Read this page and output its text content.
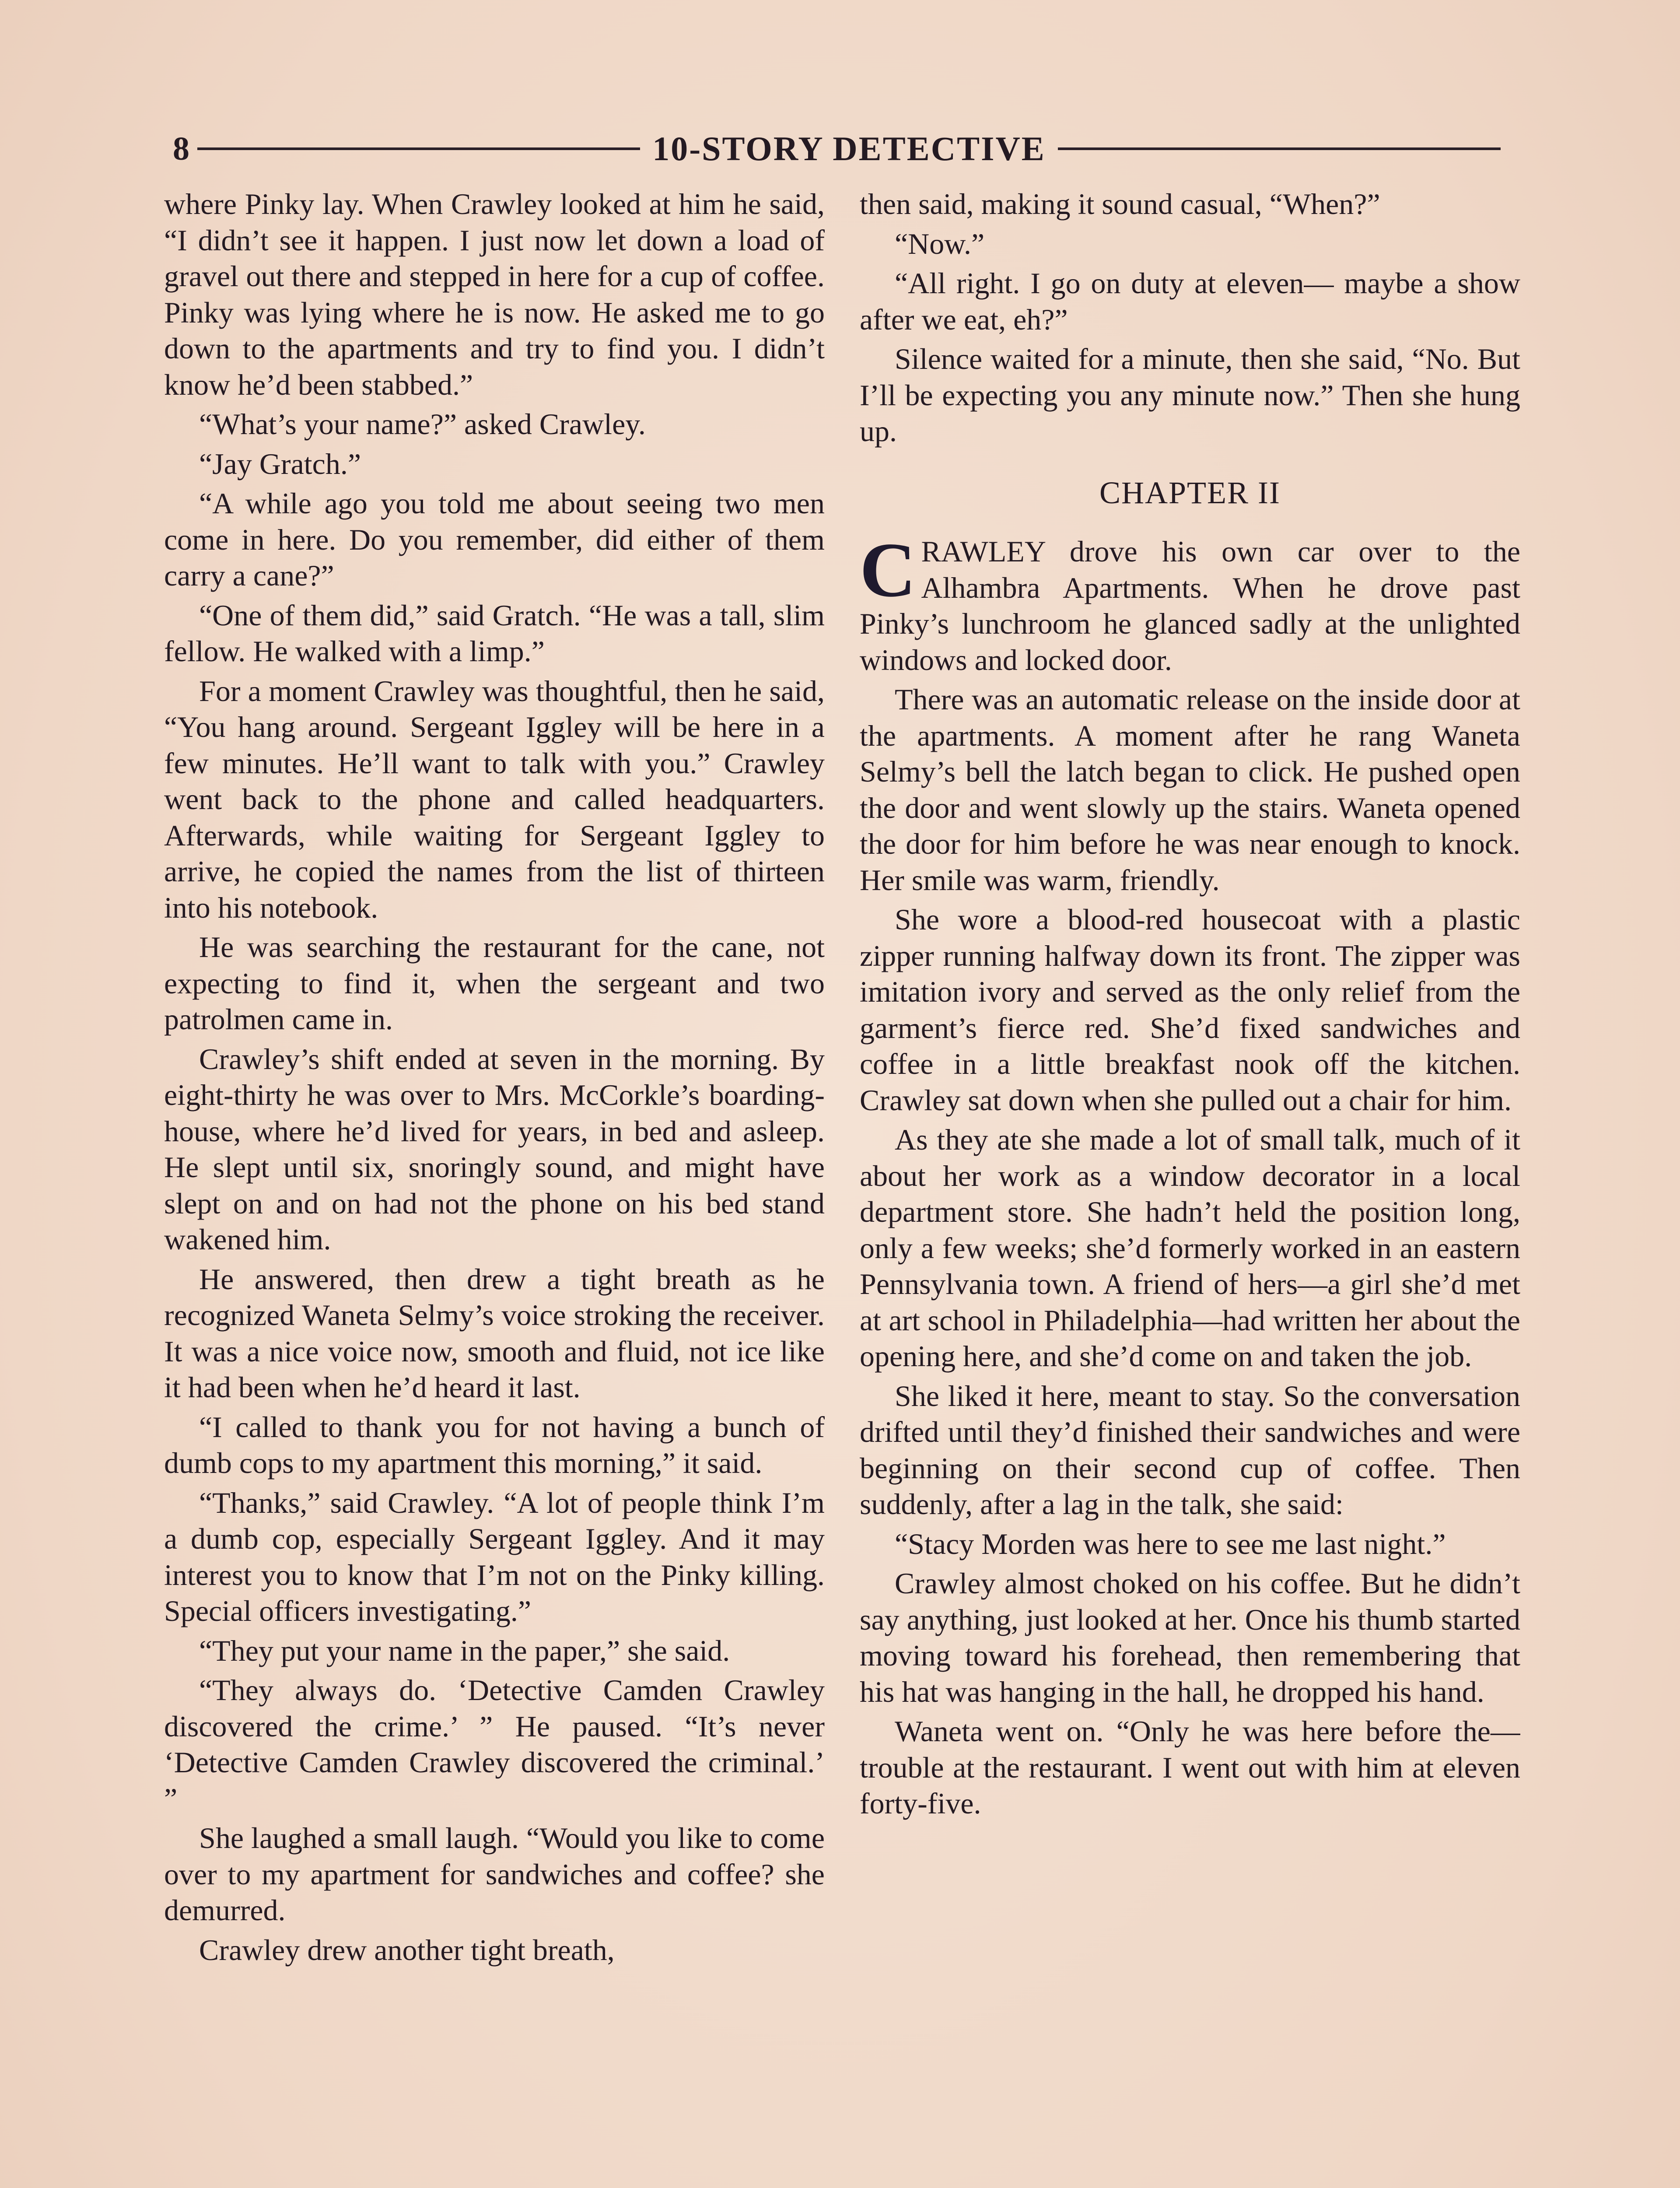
8	10-STORY DETECTIVE

where Pinky lay. When Crawley looked at him he said, “I didn’t see it happen. I just now let down a load of gravel out there and stepped in here for a cup of coffee. Pinky was lying where he is now. He asked me to go down to the apartments and try to find you. I didn’t know he’d been stabbed.”

“What’s your name?” asked Crawley.

“Jay Gratch.”

“A while ago you told me about seeing two men come in here. Do you remember, did either of them carry a cane?”

“One of them did,” said Gratch. “He was a tall, slim fellow. He walked with a limp.”

For a moment Crawley was thoughtful, then he said, “You hang around. Sergeant Iggley will be here in a few minutes. He’ll want to talk with you.” Crawley went back to the phone and called headquarters. Afterwards, while waiting for Sergeant Iggley to arrive, he copied the names from the list of thirteen into his notebook.

He was searching the restaurant for the cane, not expecting to find it, when the sergeant and two patrolmen came in.

Crawley’s shift ended at seven in the morning. By eight-thirty he was over to Mrs. McCorkle’s boarding-house, where he’d lived for years, in bed and asleep. He slept until six, snoringly sound, and might have slept on and on had not the phone on his bed stand wakened him.

He answered, then drew a tight breath as he recognized Waneta Selmy’s voice stroking the receiver. It was a nice voice now, smooth and fluid, not ice like it had been when he’d heard it last.

“I called to thank you for not having a bunch of dumb cops to my apartment this morning,” it said.

“Thanks,” said Crawley. “A lot of people think I’m a dumb cop, especially Sergeant Iggley. And it may interest you to know that I’m not on the Pinky killing. Special officers investigating.”

“They put your name in the paper,” she said.

“They always do. ‘Detective Camden Crawley discovered the crime.’ ” He paused. “It’s never ‘Detective Camden Crawley discovered the criminal.’ ”

She laughed a small laugh. “Would you like to come over to my apartment for sandwiches and coffee? she demurred.

Crawley drew another tight breath,

then said, making it sound casual, “When?”

“Now.”

“All right. I go on duty at eleven— maybe a show after we eat, eh?”

Silence waited for a minute, then she said, “No. But I’ll be expecting you any minute now.” Then she hung up.

CHAPTER II

CRAWLEY drove his own car over to the Alhambra Apartments. When he drove past Pinky’s lunchroom he glanced sadly at the unlighted windows and locked door.

There was an automatic release on the inside door at the apartments. A moment after he rang Waneta Selmy’s bell the latch began to click. He pushed open the door and went slowly up the stairs. Waneta opened the door for him before he was near enough to knock. Her smile was warm, friendly.

She wore a blood-red housecoat with a plastic zipper running halfway down its front. The zipper was imitation ivory and served as the only relief from the garment’s fierce red. She’d fixed sandwiches and coffee in a little breakfast nook off the kitchen. Crawley sat down when she pulled out a chair for him.

As they ate she made a lot of small talk, much of it about her work as a window decorator in a local department store. She hadn’t held the position long, only a few weeks; she’d formerly worked in an eastern Pennsylvania town. A friend of hers—a girl she’d met at art school in Philadelphia—had written her about the opening here, and she’d come on and taken the job.

She liked it here, meant to stay. So the conversation drifted until they’d finished their sandwiches and were beginning on their second cup of coffee. Then suddenly, after a lag in the talk, she said:

“Stacy Morden was here to see me last night.”

Crawley almost choked on his coffee. But he didn’t say anything, just looked at her. Once his thumb started moving toward his forehead, then remembering that his hat was hanging in the hall, he dropped his hand.

Waneta went on. “Only he was here before the—trouble at the restaurant. I went out with him at eleven forty-five.
